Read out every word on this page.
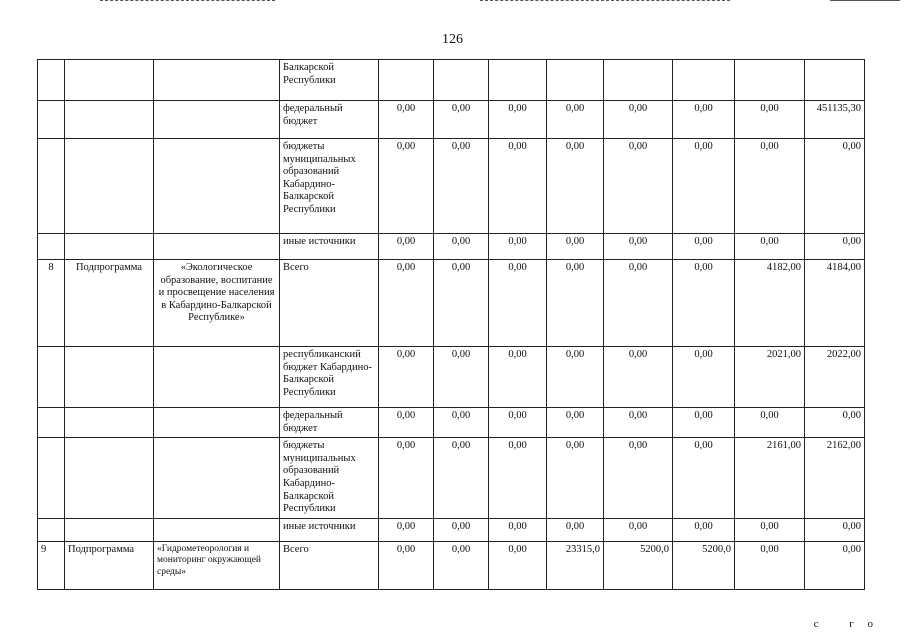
126
			Балкарской Республики								
			федеральный бюджет	0,00	0,00	0,00	0,00	0,00	0,00	0,00	451135,30
			бюджеты муниципальных образований Кабардино-Балкарской Республики	0,00	0,00	0,00	0,00	0,00	0,00	0,00	0,00
			иные источники	0,00	0,00	0,00	0,00	0,00	0,00	0,00	0,00
8	Подпрограмма	«Экологическое образование, воспитание и просвещение населения в Кабардино-Балкарской Республике»	Всего	0,00	0,00	0,00	0,00	0,00	0,00	4182,00	4184,00
			республиканский бюджет Кабардино-Балкарской Республики	0,00	0,00	0,00	0,00	0,00	0,00	2021,00	2022,00
			федеральный бюджет	0,00	0,00	0,00	0,00	0,00	0,00	0,00	0,00
			бюджеты муниципальных образований Кабардино-Балкарской Республики	0,00	0,00	0,00	0,00	0,00	0,00	2161,00	2162,00
			иные источники	0,00	0,00	0,00	0,00	0,00	0,00	0,00	0,00
9	Подпрограмма	«Гидрометеорология и мониторинг окружающей среды»	Всего	0,00	0,00	0,00	23315,0	5200,0	5200,0	0,00	0,00
с го
